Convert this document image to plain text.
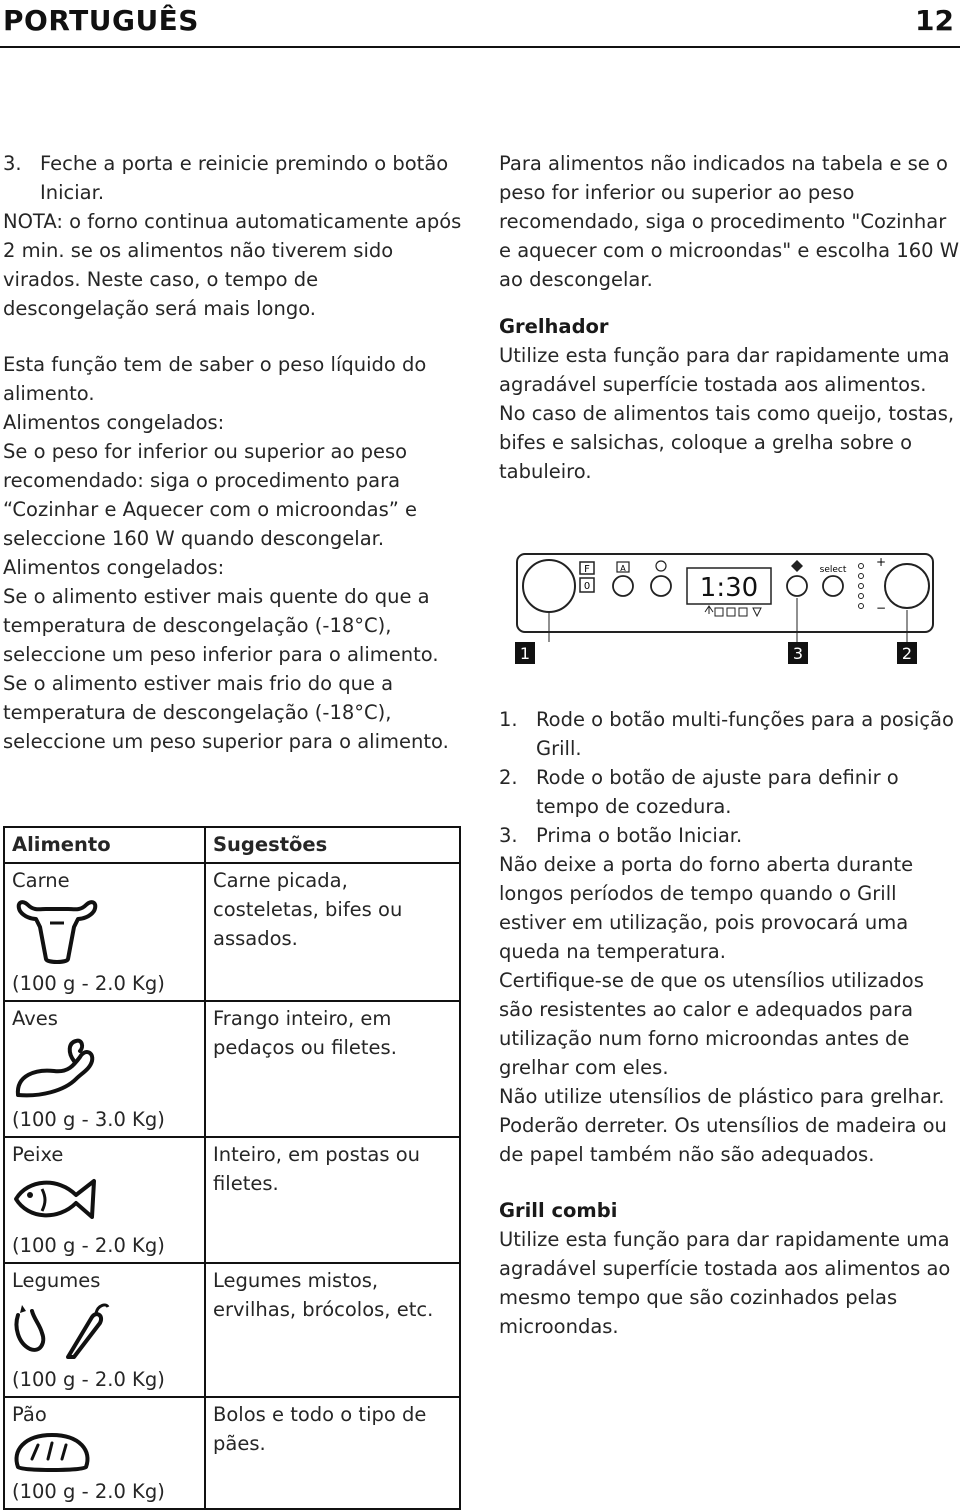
PORTUGUÊS	12
3. Feche a porta e reinicie premindo o botão Iniciar.

NOTA: o forno continua automaticamente após 2 min. se os alimentos não tiverem sido virados. Neste caso, o tempo de descongelação será mais longo.

Esta função tem de saber o peso líquido do alimento.

Alimentos congelados:

Se o peso for inferior ou superior ao peso recomendado: siga o procedimento para “Cozinhar e Aquecer com o microondas” e seleccione 160 W quando descongelar.

Alimentos congelados:

Se o alimento estiver mais quente do que a temperatura de descongelação (-18°C), seleccione um peso inferior para o alimento.

Se o alimento estiver mais frio do que a temperatura de descongelação (-18°C), seleccione um peso superior para o alimento.

Alimento	Sugestões

Carne
(100 g - 2.0 Kg)	Carne picada, costeletas, bifes ou assados.

Aves
(100 g - 3.0 Kg)	Frango inteiro, em pedaços ou filetes.

Peixe
(100 g - 2.0 Kg)	Inteiro, em postas ou filetes.

Legumes
(100 g - 2.0 Kg)	Legumes mistos, ervilhas, brócolos, etc.

Pão
(100 g - 2.0 Kg)	Bolos e todo o tipo de pães.

Para alimentos não indicados na tabela e se o peso for inferior ou superior ao peso recomendado, siga o procedimento "Cozinhar e aquecer com o microondas" e escolha 160 W ao descongelar.

Grelhador

Utilize esta função para dar rapidamente uma agradável superfície tostada aos alimentos.

No caso de alimentos tais como queijo, tostas, bifes e salsichas, coloque a grelha sobre o tabuleiro.

F
0
A
1:30
select
+
−
1	3	2
1. Rode o botão multi-funções para a posição Grill.
2. Rode o botão de ajuste para definir o tempo de cozedura.
3. Prima o botão Iniciar.

Não deixe a porta do forno aberta durante longos períodos de tempo quando o Grill estiver em utilização, pois provocará uma queda na temperatura.

Certifique-se de que os utensílios utilizados são resistentes ao calor e adequados para utilização num forno microondas antes de grelhar com eles.

Não utilize utensílios de plástico para grelhar. Poderão derreter. Os utensílios de madeira ou de papel também não são adequados.

Grill combi

Utilize esta função para dar rapidamente uma agradável superfície tostada aos alimentos ao mesmo tempo que são cozinhados pelas microondas.
